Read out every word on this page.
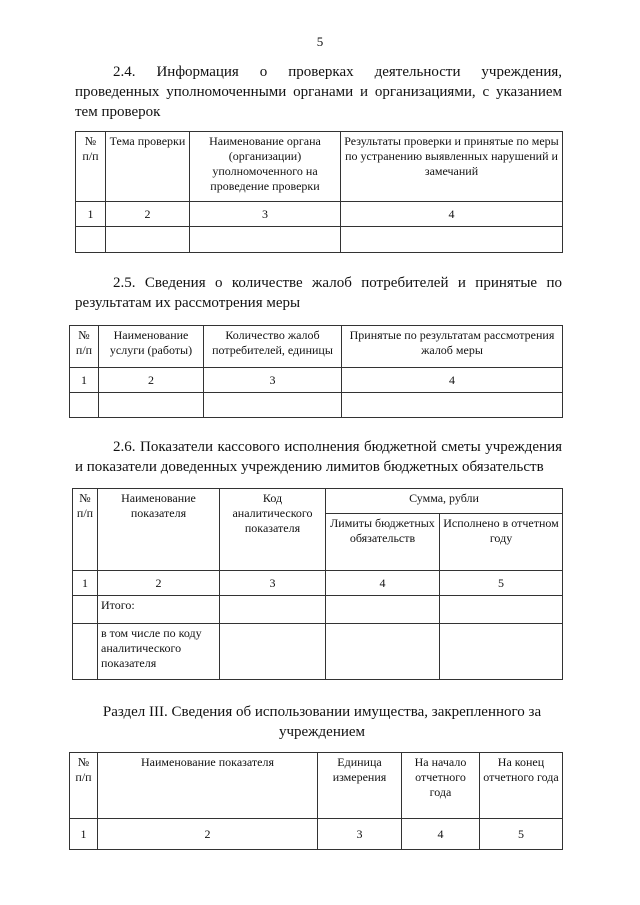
5
2.4. Информация о проверках деятельности учреждения, проведенных уполномоченными органами и организациями, с указанием тем проверок
№ п/п	Тема проверки	Наименование органа (организации) уполномоченного на проведение проверки	Результаты проверки и принятые по меры по устранению выявленных нарушений и замечаний
1	2	3	4

2.5. Сведения о количестве жалоб потребителей и принятые по результатам их рассмотрения меры
№ п/п	Наименование услуги (работы)	Количество жалоб потребителей, единицы	Принятые по результатам рассмотрения жалоб меры
1	2	3	4

2.6. Показатели кассового исполнения бюджетной сметы учреждения и показатели доведенных учреждению лимитов бюджетных обязательств
№ п/п	Наименование показателя	Код аналитического показателя	Сумма, рубли	
			Лимиты бюджетных обязательств	Исполнено в отчетном году
1	2	3	4	5
	Итого:			
	в том числе по коду аналитического показателя			
Раздел III. Сведения об использовании имущества, закрепленного за учреждением
№ п/п	Наименование показателя	Единица измерения	На начало отчетного года	На конец отчетного года
1	2	3	4	5
